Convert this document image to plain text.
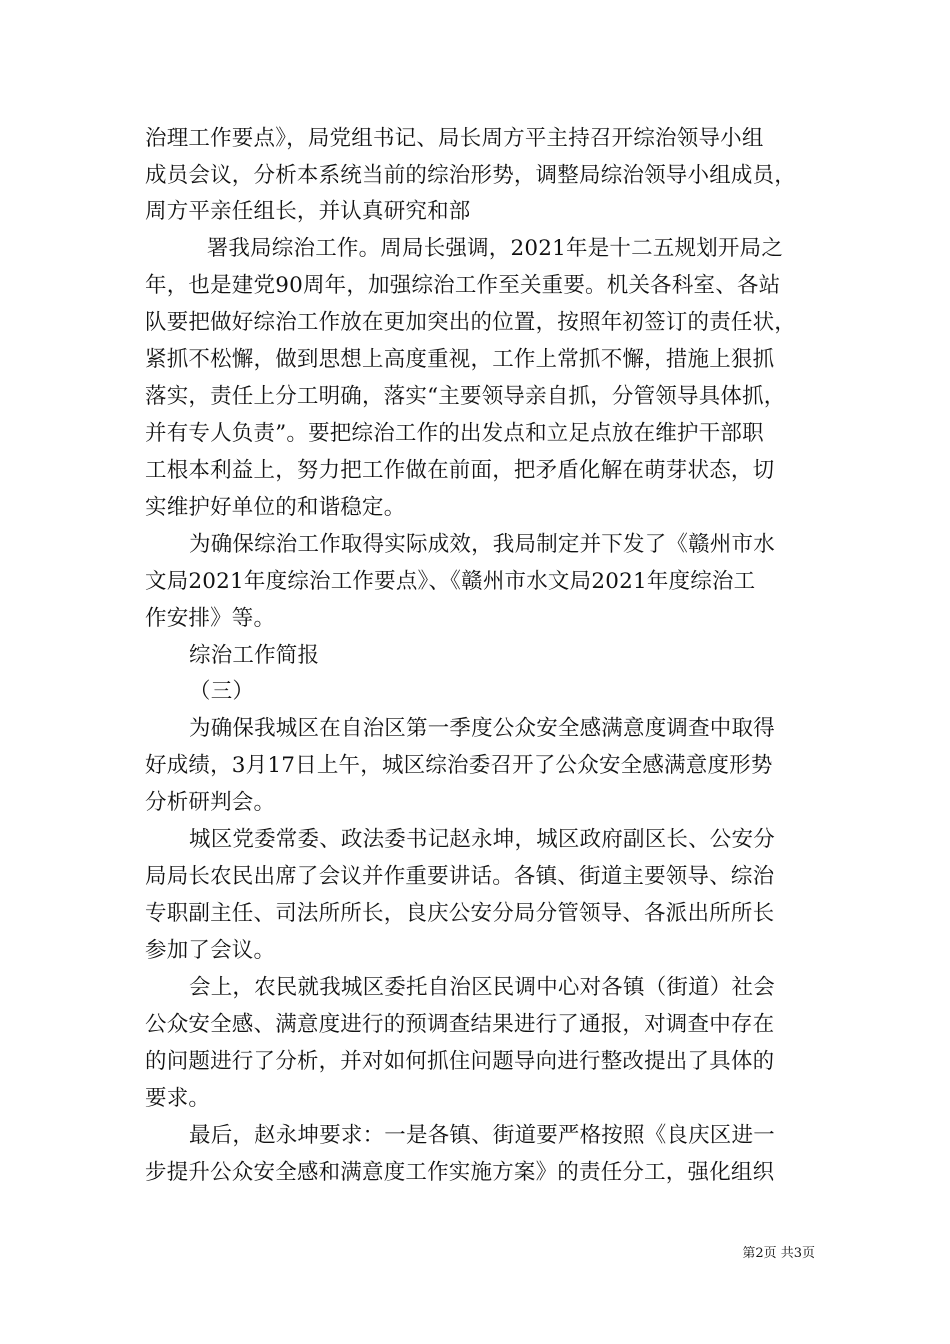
治理工作要点》，局党组书记、局长周方平主持召开综治领导小组
成员会议，分析本系统当前的综治形势，调整局综治领导小组成员，
周方平亲任组长，并认真研究和部
　署我局综治工作。周局长强调，2021年是十二五规划开局之
年，也是建党90周年，加强综治工作至关重要。机关各科室、各站
队要把做好综治工作放在更加突出的位置，按照年初签订的责任状，
紧抓不松懈，做到思想上高度重视，工作上常抓不懈，措施上狠抓
落实，责任上分工明确，落实“主要领导亲自抓，分管领导具体抓，
并有专人负责”。要把综治工作的出发点和立足点放在维护干部职
工根本利益上，努力把工作做在前面，把矛盾化解在萌芽状态，切
实维护好单位的和谐稳定。
为确保综治工作取得实际成效，我局制定并下发了《赣州市水
文局2021年度综治工作要点》、《赣州市水文局2021年度综治工
作安排》等。
综治工作简报
（三）
为确保我城区在自治区第一季度公众安全感满意度调查中取得
好成绩，3月17日上午，城区综治委召开了公众安全感满意度形势
分析研判会。
城区党委常委、政法委书记赵永坤，城区政府副区长、公安分
局局长农民出席了会议并作重要讲话。各镇、街道主要领导、综治
专职副主任、司法所所长，良庆公安分局分管领导、各派出所所长
参加了会议。
会上，农民就我城区委托自治区民调中心对各镇（街道）社会
公众安全感、满意度进行的预调查结果进行了通报，对调查中存在
的问题进行了分析，并对如何抓住问题导向进行整改提出了具体的
要求。
最后，赵永坤要求：一是各镇、街道要严格按照《良庆区进一
步提升公众安全感和满意度工作实施方案》的责任分工，强化组织
第2页 共3页
